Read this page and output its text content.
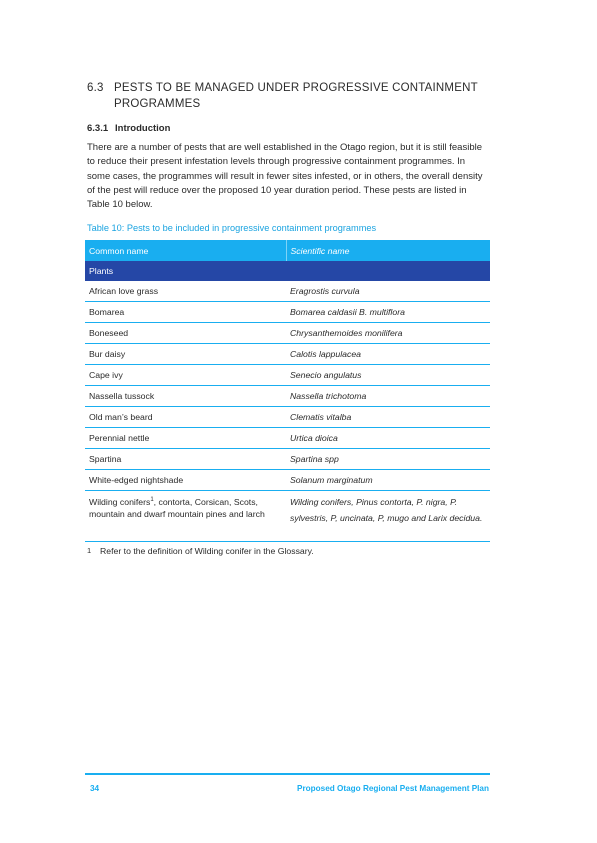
6.3 PESTS TO BE MANAGED UNDER PROGRESSIVE CONTAINMENT
PROGRAMMES
6.3.1 Introduction

There are a number of pests that are well established in the Otago region, but it is still feasible to reduce their present infestation levels through progressive containment programmes. In some cases, the programmes will result in fewer sites infested, or in others, the overall density of the pest will reduce over the proposed 10 year duration period. These pests are listed in Table 10 below.

Table 10: Pests to be included in progressive containment programmes
Common name	Scientific name
Plants	
African love grass	Eragrostis curvula
Bomarea	Bomarea caldasii B. multiflora
Boneseed	Chrysanthemoides monilifera
Bur daisy	Calotis lappulacea
Cape ivy	Senecio angulatus
Nassella tussock	Nassella trichotoma
Old man’s beard	Clematis vitalba
Perennial nettle	Urtica dioica
Spartina	Spartina spp
White-edged nightshade	Solanum marginatum
Wilding conifers$^1$, contorta, Corsican, Scots, mountain and dwarf mountain pines and larch	Wilding conifers, Pinus contorta, P. nigra, P. sylvestris, P, uncinata, P, mugo and Larix decidua.
1 Refer to the definition of Wilding conifer in the Glossary.
34	Proposed Otago Regional Pest Management Plan
